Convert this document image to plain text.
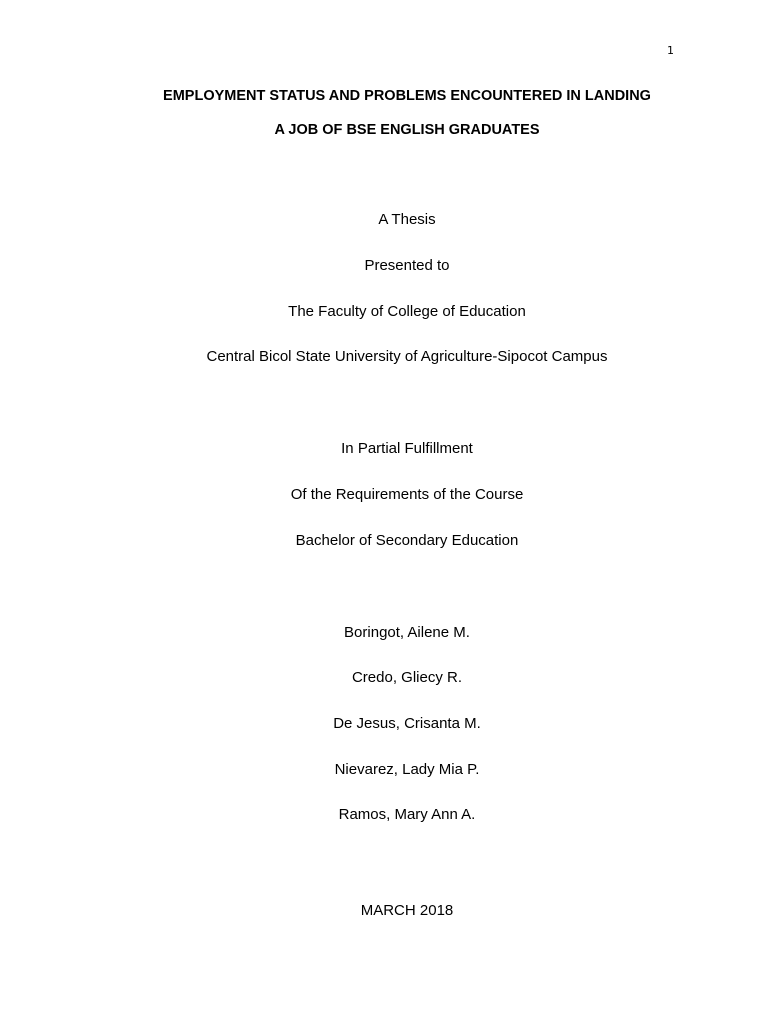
1
EMPLOYMENT STATUS AND PROBLEMS ENCOUNTERED IN LANDING
A JOB OF BSE ENGLISH GRADUATES
A Thesis
Presented to
The Faculty of College of Education
Central Bicol State University of Agriculture-Sipocot Campus
In Partial Fulfillment
Of the Requirements of the Course
Bachelor of Secondary Education
Boringot, Ailene M.
Credo, Gliecy R.
De Jesus, Crisanta M.
Nievarez, Lady Mia P.
Ramos, Mary Ann A.
MARCH 2018
